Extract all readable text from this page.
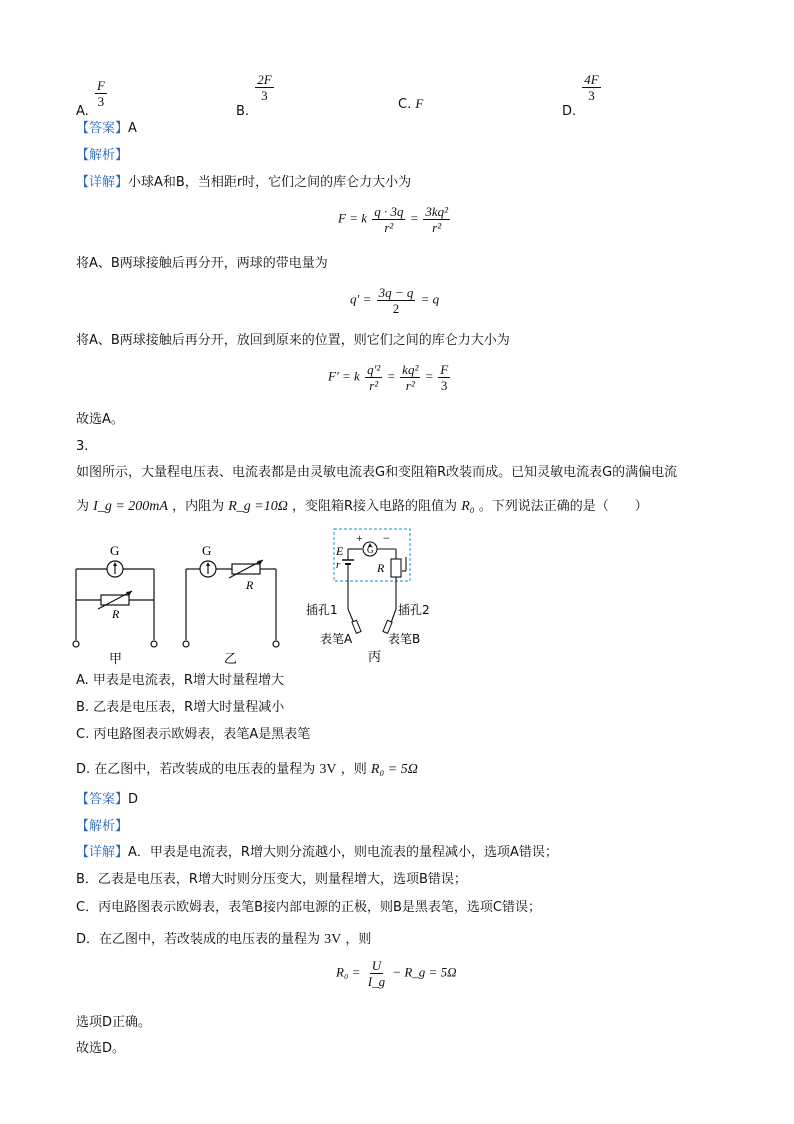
A.
$\frac{F}{3}$
B.
$\frac{2F}{3}$
C. F
D.
$\frac{4F}{3}$
【答案】A
【解析】
【详解】小球A和B，当相距r时，它们之间的库仑力大小为
F = k $\frac{q \cdot 3q}{\text{r²}} = \frac{\text{3kq²}}{\text{r²}}$
将A、B两球接触后再分开，两球的带电量为
$q' = \frac{3q - q}{2} = q$
将A、B两球接触后再分开，放回到原来的位置，则它们之间的库仑力大小为
F′ = k $\frac{\text{q′²}}{\text{r²}} = \frac{\text{kq²}}{\text{r²}} = \frac{F}{3}$
故选A。
3.
如图所示，大量程电压表、电流表都是由灵敏电流表G和变阻箱R改装而成。已知灵敏电流表G的满偏电流
为 I_g = 200mA ，内阻为 R_g =10Ω ，变阻箱R接入电路的阻值为 R₀ 。下列说法正确的是（　　）
G
R
甲
G
R
乙
+ −
G
E
r	R
插孔1	插孔2
表笔A	表笔B
丙
A. 甲表是电流表，R增大时量程增大
B. 乙表是电压表，R增大时量程减小
C. 丙电路图表示欧姆表，表笔A是黑表笔
D. 在乙图中，若改装成的电压表的量程为 3V ，则 R₀ = 5Ω
【答案】D
【解析】
【详解】A．甲表是电流表，R增大则分流越小，则电流表的量程减小，选项A错误；
B．乙表是电压表，R增大时则分压变大，则量程增大，选项B错误；
C．丙电路图表示欧姆表，表笔B接内部电源的正极，则B是黑表笔，选项C错误；
D．在乙图中，若改装成的电压表的量程为 3V ，则
$R_0 = \frac{U}{I\_g}$ − R_g = 5Ω
选项D正确。
故选D。
